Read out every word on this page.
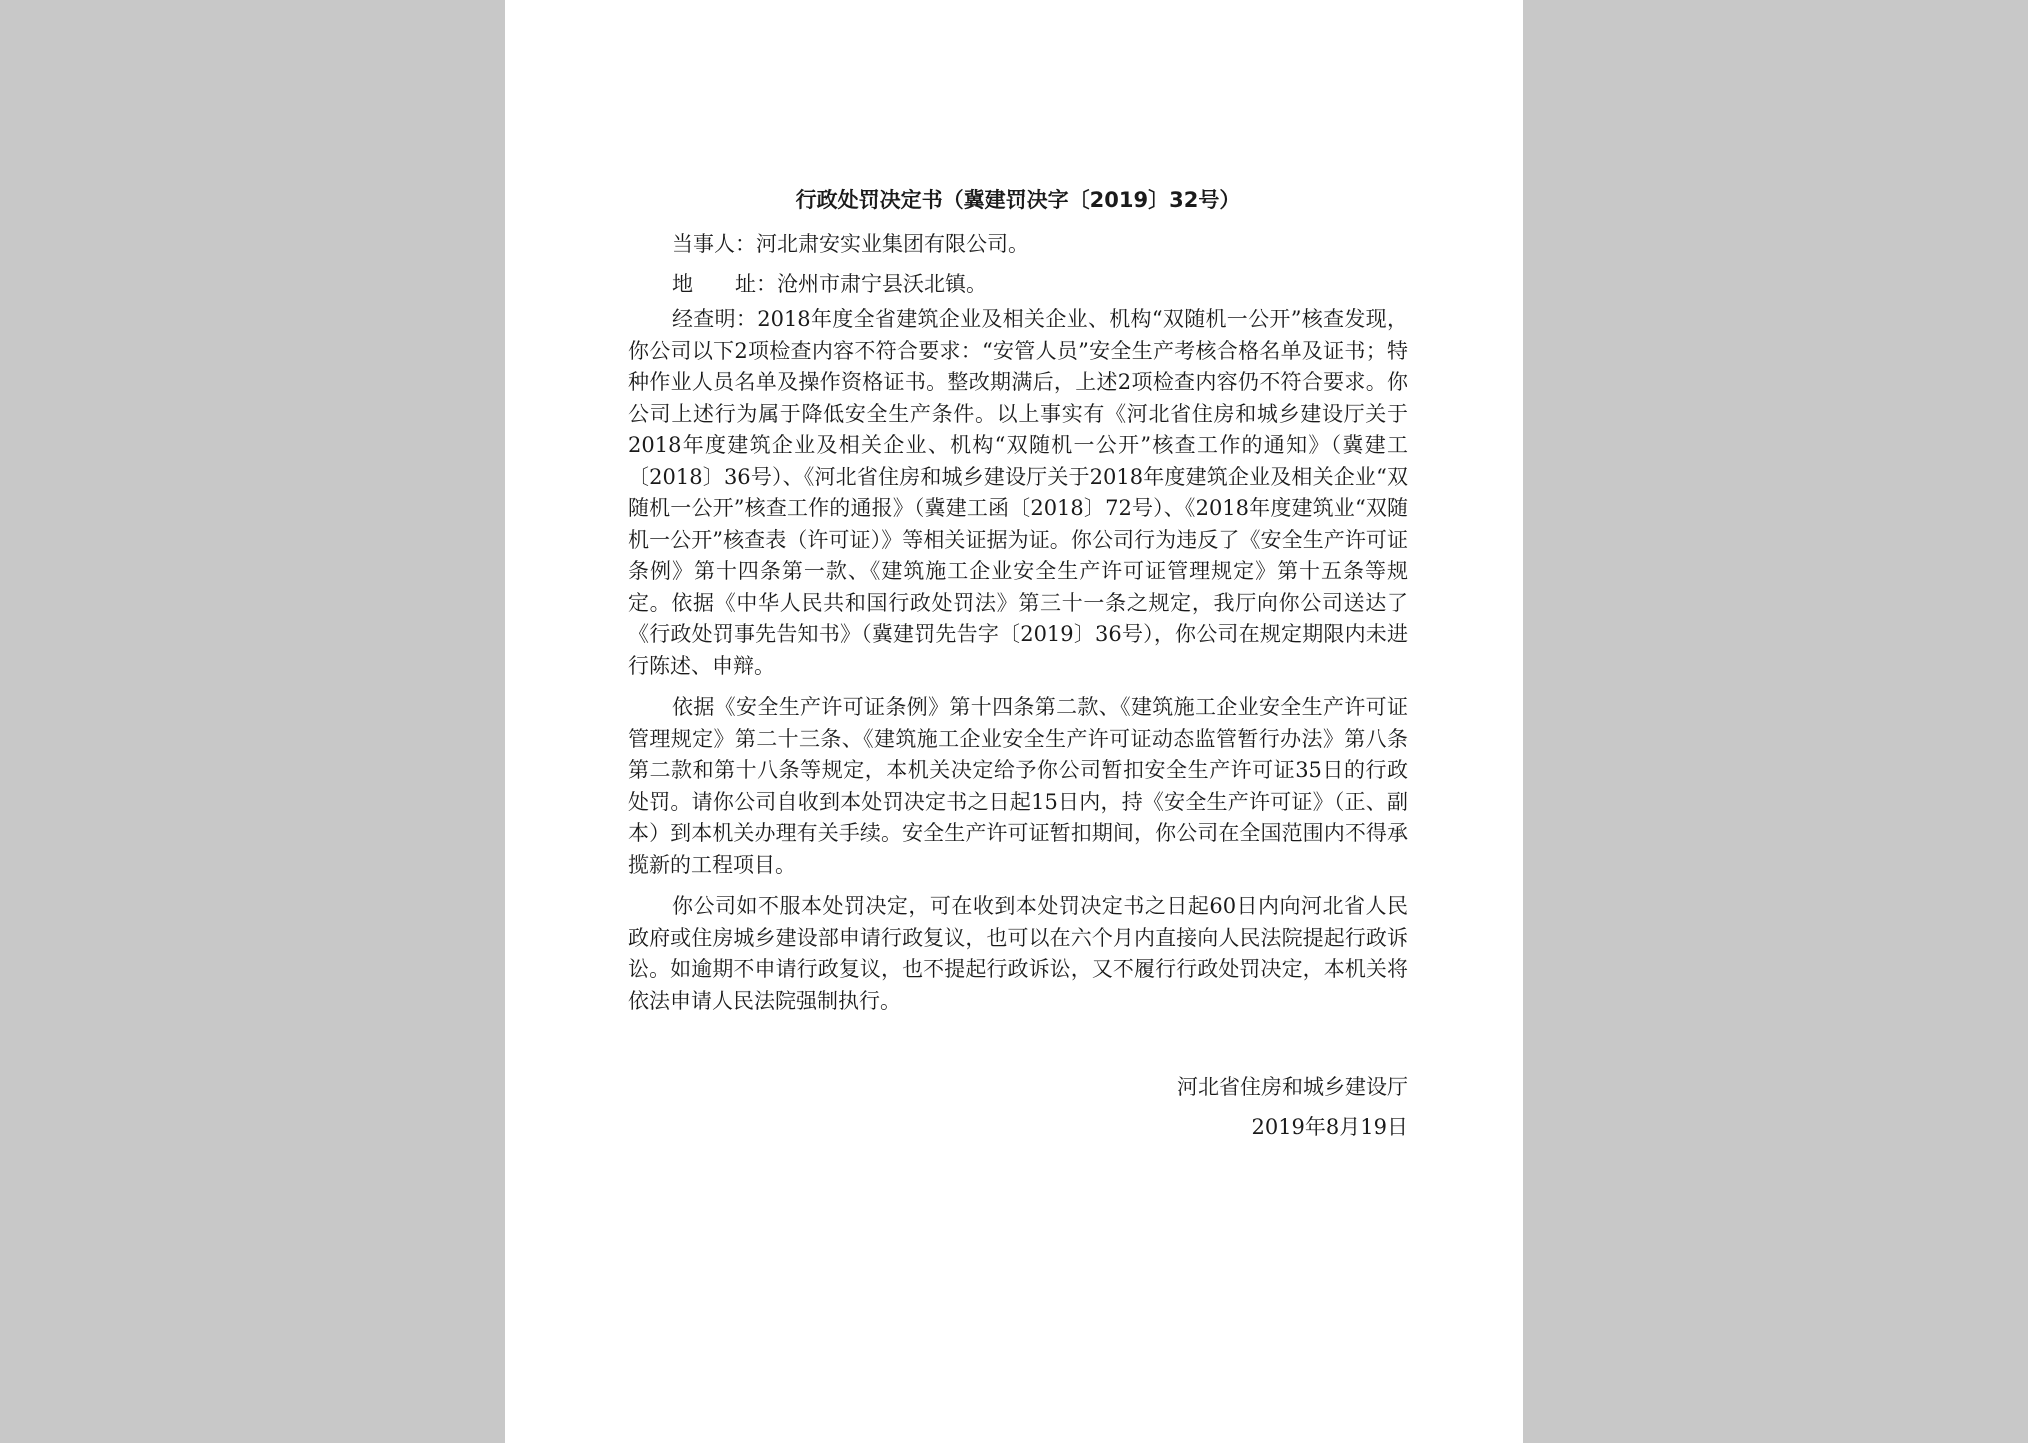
行政处罚决定书（冀建罚决字〔2019〕32号）
当事人：河北肃安实业集团有限公司。
地　　址：沧州市肃宁县沃北镇。

经查明：2018年度全省建筑企业及相关企业、机构“双随机一公开”核查发现，你公司以下2项检查内容不符合要求：“安管人员”安全生产考核合格名单及证书；特种作业人员名单及操作资格证书。整改期满后，上述2项检查内容仍不符合要求。你公司上述行为属于降低安全生产条件。以上事实有《河北省住房和城乡建设厅关于2018年度建筑企业及相关企业、机构“双随机一公开”核查工作的通知》（冀建工〔2018〕36号）、《河北省住房和城乡建设厅关于2018年度建筑企业及相关企业“双随机一公开”核查工作的通报》（冀建工函〔2018〕72号）、《2018年度建筑业“双随机一公开”核查表（许可证）》等相关证据为证。你公司行为违反了《安全生产许可证条例》第十四条第一款、《建筑施工企业安全生产许可证管理规定》第十五条等规定。依据《中华人民共和国行政处罚法》第三十一条之规定，我厅向你公司送达了《行政处罚事先告知书》（冀建罚先告字〔2019〕36号），你公司在规定期限内未进行陈述、申辩。

依据《安全生产许可证条例》第十四条第二款、《建筑施工企业安全生产许可证管理规定》第二十三条、《建筑施工企业安全生产许可证动态监管暂行办法》第八条第二款和第十八条等规定，本机关决定给予你公司暂扣安全生产许可证35日的行政处罚。请你公司自收到本处罚决定书之日起15日内，持《安全生产许可证》（正、副本）到本机关办理有关手续。安全生产许可证暂扣期间，你公司在全国范围内不得承揽新的工程项目。

你公司如不服本处罚决定，可在收到本处罚决定书之日起60日内向河北省人民政府或住房城乡建设部申请行政复议，也可以在六个月内直接向人民法院提起行政诉讼。如逾期不申请行政复议，也不提起行政诉讼，又不履行行政处罚决定，本机关将依法申请人民法院强制执行。

河北省住房和城乡建设厅
2019年8月19日
